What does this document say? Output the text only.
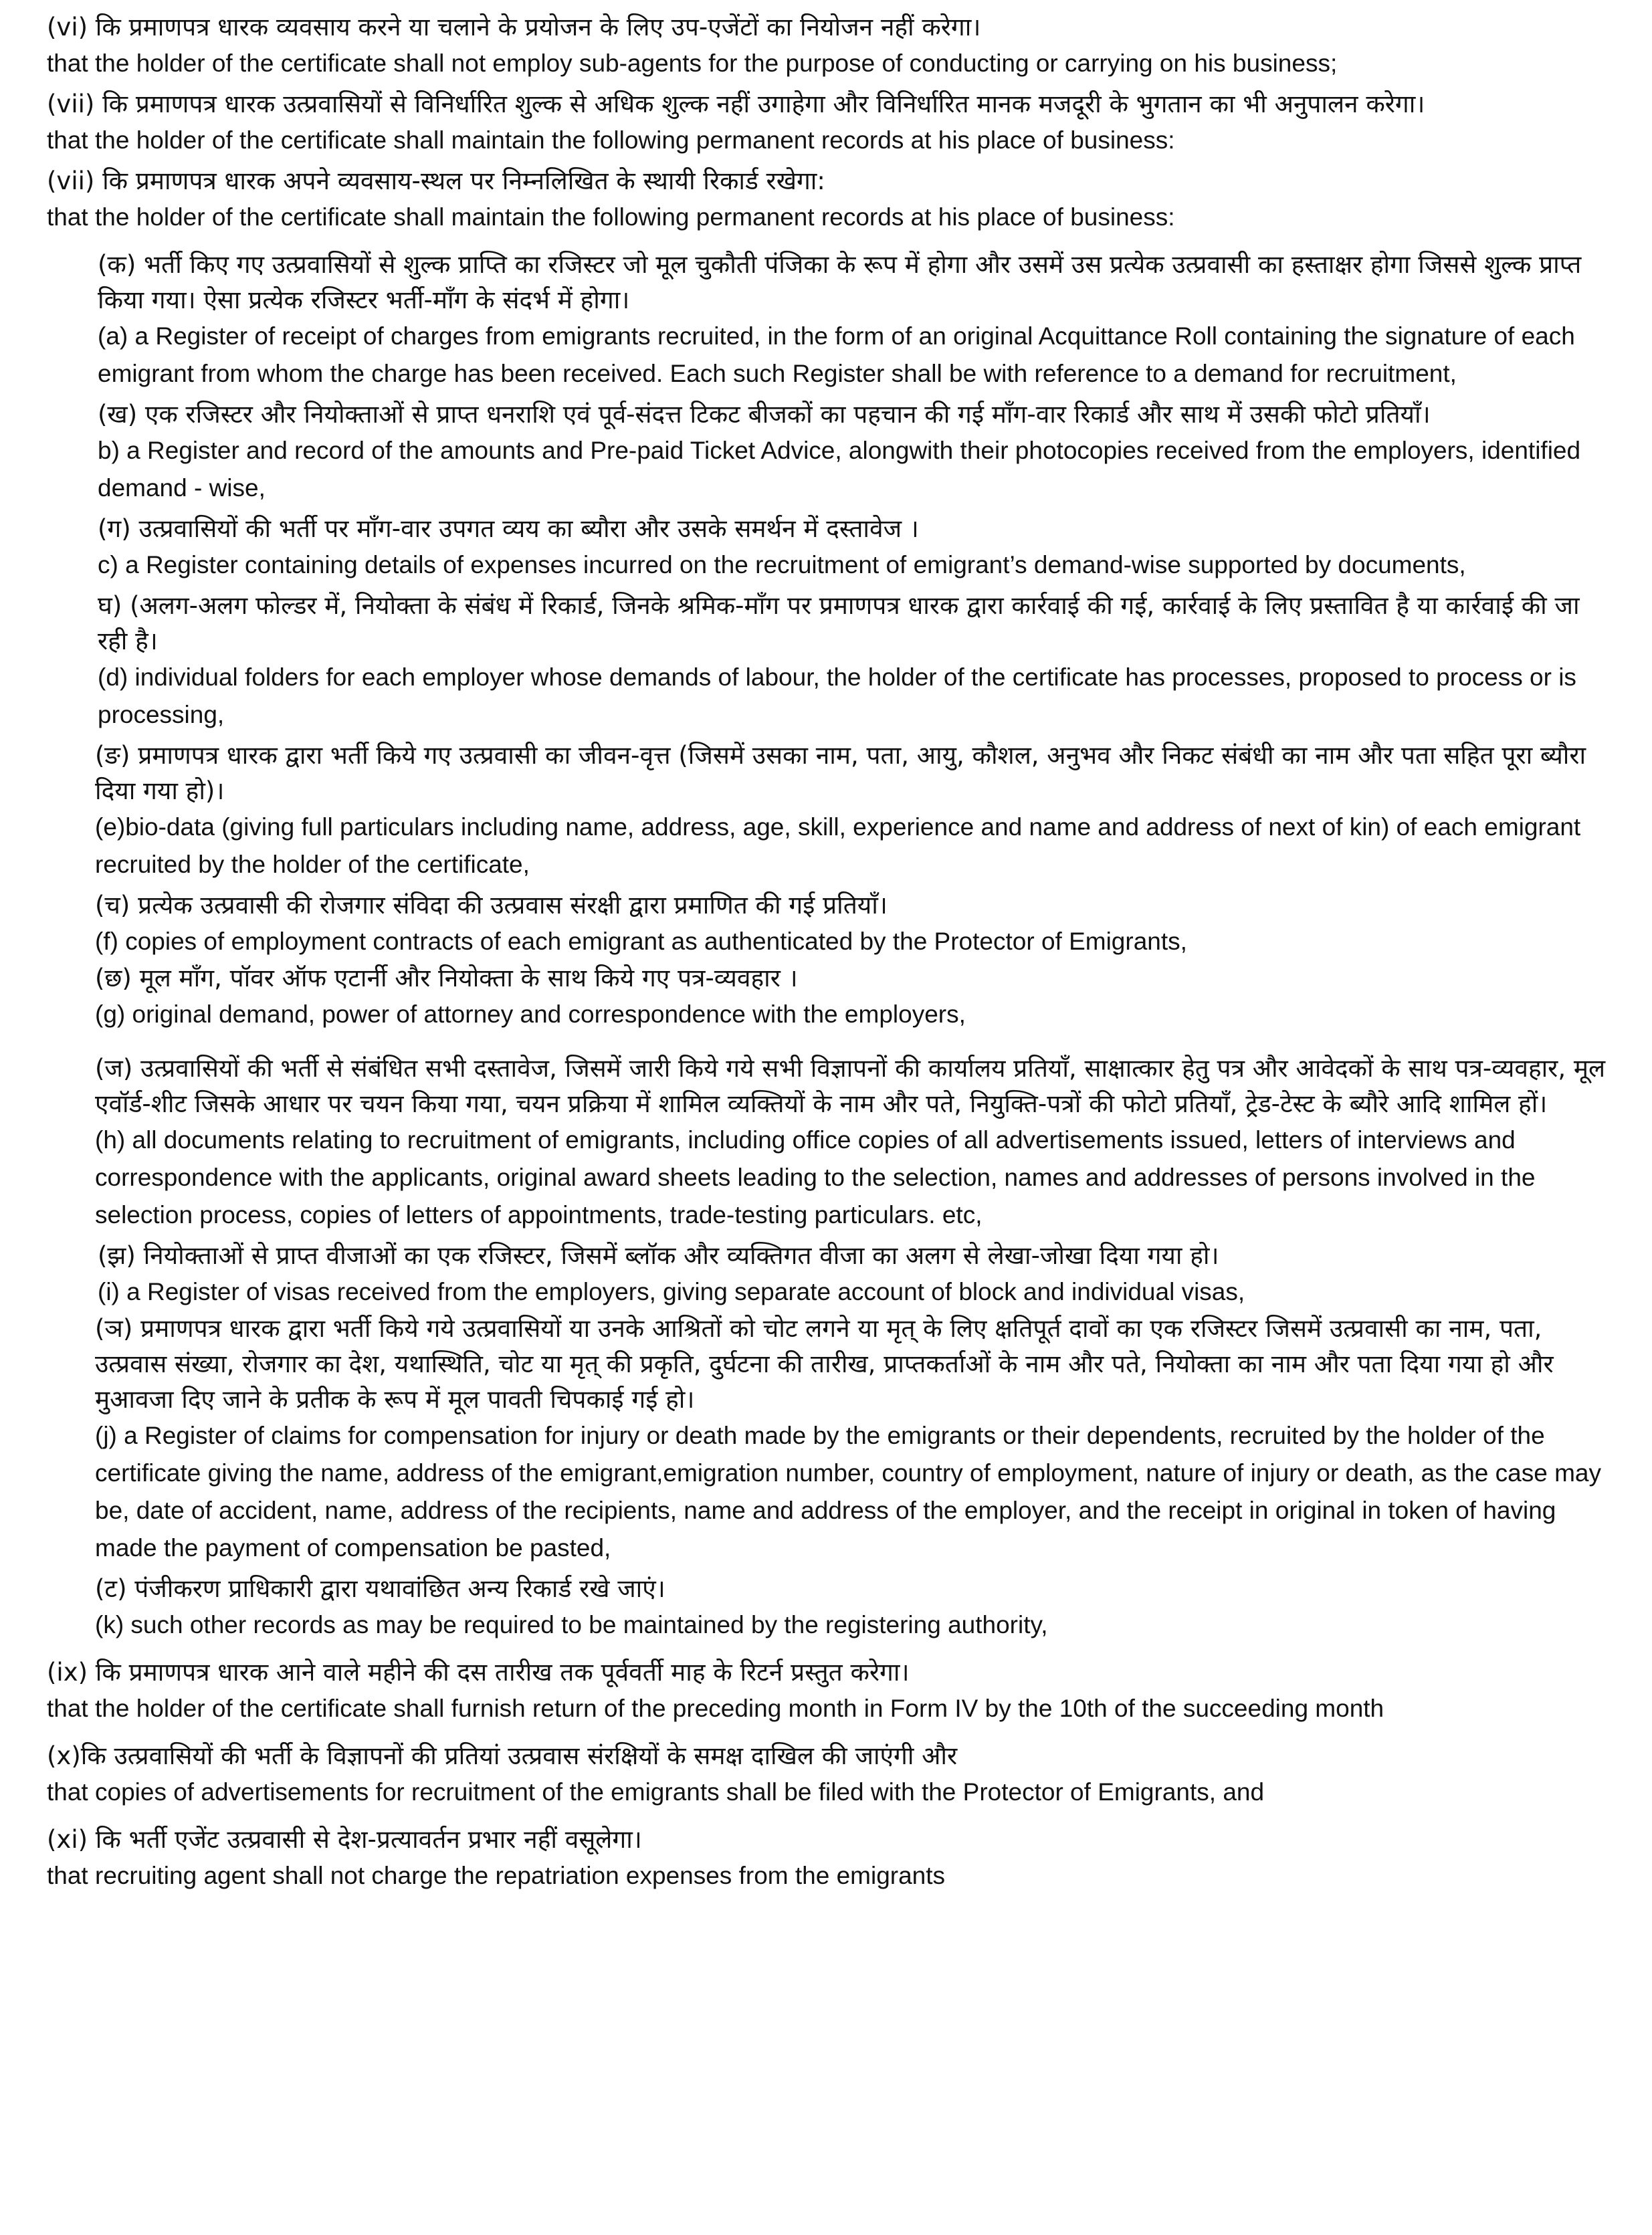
(vi) कि प्रमाणपत्र धारक व्यवसाय करने या चलाने के प्रयोजन के लिए उप-एजेंटों का नियोजन नहीं करेगा।

that the holder of the certificate shall not employ sub-agents for the purpose of conducting or carrying on his business;

(vii) कि प्रमाणपत्र धारक उत्प्रवासियों से विनिर्धारित शुल्क से अधिक शुल्क नहीं उगाहेगा और विनिर्धारित मानक मजदूरी के भुगतान का भी अनुपालन करेगा।

that the holder of the certificate shall maintain the following permanent records at his place of business:

(vii) कि प्रमाणपत्र धारक अपने व्यवसाय-स्थल पर निम्नलिखित के स्थायी रिकार्ड रखेगा:

that the holder of the certificate shall maintain the following permanent records at his place of business:

(क) भर्ती किए गए उत्प्रवासियों से शुल्क प्राप्ति का रजिस्टर जो मूल चुकौती पंजिका के रूप में होगा और उसमें उस प्रत्येक उत्प्रवासी का हस्ताक्षर होगा जिससे शुल्क प्राप्त किया गया। ऐसा प्रत्येक रजिस्टर भर्ती-माँग के संदर्भ में होगा।

(a) a Register of receipt of charges from emigrants recruited, in the form of an original Acquittance Roll containing the signature of each emigrant from whom the charge has been received. Each such Register shall be with reference to a demand for recruitment,

(ख) एक रजिस्टर और नियोक्ताओं से प्राप्त धनराशि एवं पूर्व-संदत्त टिकट बीजकों का पहचान की गई माँग-वार रिकार्ड और साथ में उसकी फोटो प्रतियाँ।

b) a Register and record of the amounts and Pre-paid Ticket Advice, alongwith their photocopies received from the employers, identified demand - wise,

(ग) उत्प्रवासियों की भर्ती पर माँग-वार उपगत व्यय का ब्यौरा और उसके समर्थन में दस्तावेज ।

c) a Register containing details of expenses incurred on the recruitment of emigrant’s demand-wise supported by documents,

घ) (अलग-अलग फोल्डर में, नियोक्ता के संबंध में रिकार्ड, जिनके श्रमिक-माँग पर प्रमाणपत्र धारक द्वारा कार्रवाई की गई, कार्रवाई के लिए प्रस्तावित है या कार्रवाई की जा रही है।

(d) individual folders for each employer whose demands of labour, the holder of the certificate has processes, proposed to process or is processing,

(ङ) प्रमाणपत्र धारक द्वारा भर्ती किये गए उत्प्रवासी का जीवन-वृत्त (जिसमें उसका नाम, पता, आयु, कौशल, अनुभव और निकट संबंधी का नाम और पता सहित पूरा ब्यौरा दिया गया हो)।

(e)bio-data (giving full particulars including name, address, age, skill, experience and name and address of next of kin) of each emigrant recruited by the holder of the certificate,

(च) प्रत्येक उत्प्रवासी की रोजगार संविदा की उत्प्रवास संरक्षी द्वारा प्रमाणित की गई प्रतियाँ।

(f) copies of employment contracts of each emigrant as authenticated by the Protector of Emigrants,

(छ) मूल माँग, पॉवर ऑफ एटार्नी और नियोक्ता के साथ किये गए पत्र-व्यवहार ।

(g) original demand, power of attorney and correspondence with the employers,

(ज) उत्प्रवासियों की भर्ती से संबंधित सभी दस्तावेज, जिसमें जारी किये गये सभी विज्ञापनों की कार्यालय प्रतियाँ, साक्षात्कार हेतु पत्र और आवेदकों के साथ पत्र-व्यवहार, मूल एवॉर्ड-शीट जिसके आधार पर चयन किया गया, चयन प्रक्रिया में शामिल व्यक्तियों के नाम और पते, नियुक्ति-पत्रों की फोटो प्रतियाँ, ट्रेड-टेस्ट के ब्यौरे आदि शामिल हों।

(h) all documents relating to recruitment of emigrants, including office copies of all advertisements issued, letters of interviews and correspondence with the applicants, original award sheets leading to the selection, names and addresses of persons involved in the selection process, copies of letters of appointments, trade-testing particulars. etc,

(झ) नियोक्ताओं से प्राप्त वीजाओं का एक रजिस्टर, जिसमें ब्लॉक और व्यक्तिगत वीजा का अलग से लेखा-जोखा दिया गया हो।

(i) a Register of visas received from the employers, giving separate account of block and individual visas,

(ञ) प्रमाणपत्र धारक द्वारा भर्ती किये गये उत्प्रवासियों या उनके आश्रितों को चोट लगने या मृत् के लिए क्षतिपूर्त दावों का एक रजिस्टर जिसमें उत्प्रवासी का नाम, पता, उत्प्रवास संख्या, रोजगार का देश, यथास्थिति, चोट या मृत् की प्रकृति, दुर्घटना की तारीख, प्राप्तकर्ताओं के नाम और पते, नियोक्ता का नाम और पता दिया गया हो और मुआवजा दिए जाने के प्रतीक के रूप में मूल पावती चिपकाई गई हो।

(j) a Register of claims for compensation for injury or death made by the emigrants or their dependents, recruited by the holder of the certificate giving the name, address of the emigrant,emigration number, country of employment, nature of injury or death, as the case may be, date of accident, name, address of the recipients, name and address of the employer, and the receipt in original in token of having made the payment of compensation be pasted,

(ट) पंजीकरण प्राधिकारी द्वारा यथावांछित अन्य रिकार्ड रखे जाएं।

(k) such other records as may be required to be maintained by the registering authority,

(ix) कि प्रमाणपत्र धारक आने वाले महीने की दस तारीख तक पूर्ववर्ती माह के रिटर्न प्रस्तुत करेगा।

that the holder of the certificate shall furnish return of the preceding month in Form IV by the 10th of the succeeding month

(x)कि उत्प्रवासियों की भर्ती के विज्ञापनों की प्रतियां उत्प्रवास संरक्षियों के समक्ष दाखिल की जाएंगी और

that copies of advertisements for recruitment of the emigrants shall be filed with the Protector of Emigrants, and

(xi) कि भर्ती एजेंट उत्प्रवासी से देश-प्रत्यावर्तन प्रभार नहीं वसूलेगा।

that recruiting agent shall not charge the repatriation expenses from the emigrants
